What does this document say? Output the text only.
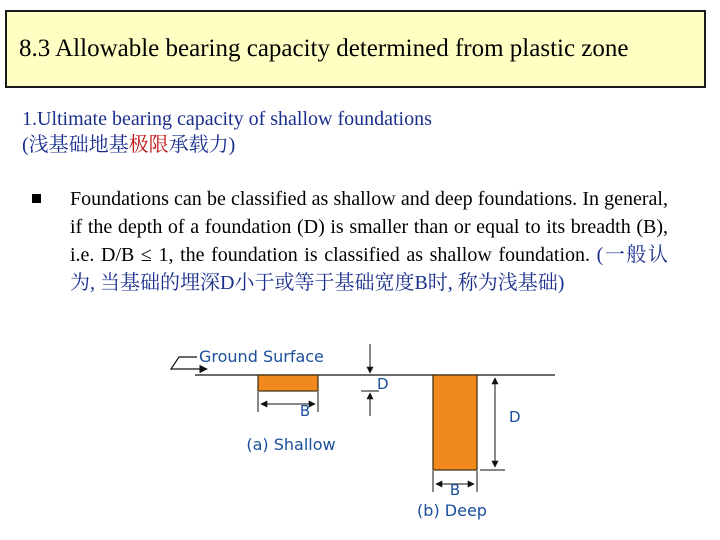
8.3 Allowable bearing capacity determined from plastic zone
1.Ultimate bearing capacity of shallow foundations
(浅基础地基极限承载力)
Foundations can be classified as shallow and deep foundations. In general, if the depth of a foundation (D) is smaller than or equal to its breadth (B), i.e. D/B ≤ 1, the foundation is classified as shallow foundation. (一般认为, 当基础的埋深D小于或等于基础宽度B时, 称为浅基础)
Ground Surface
B
D
(a) Shallow
D
B
(b) Deep
